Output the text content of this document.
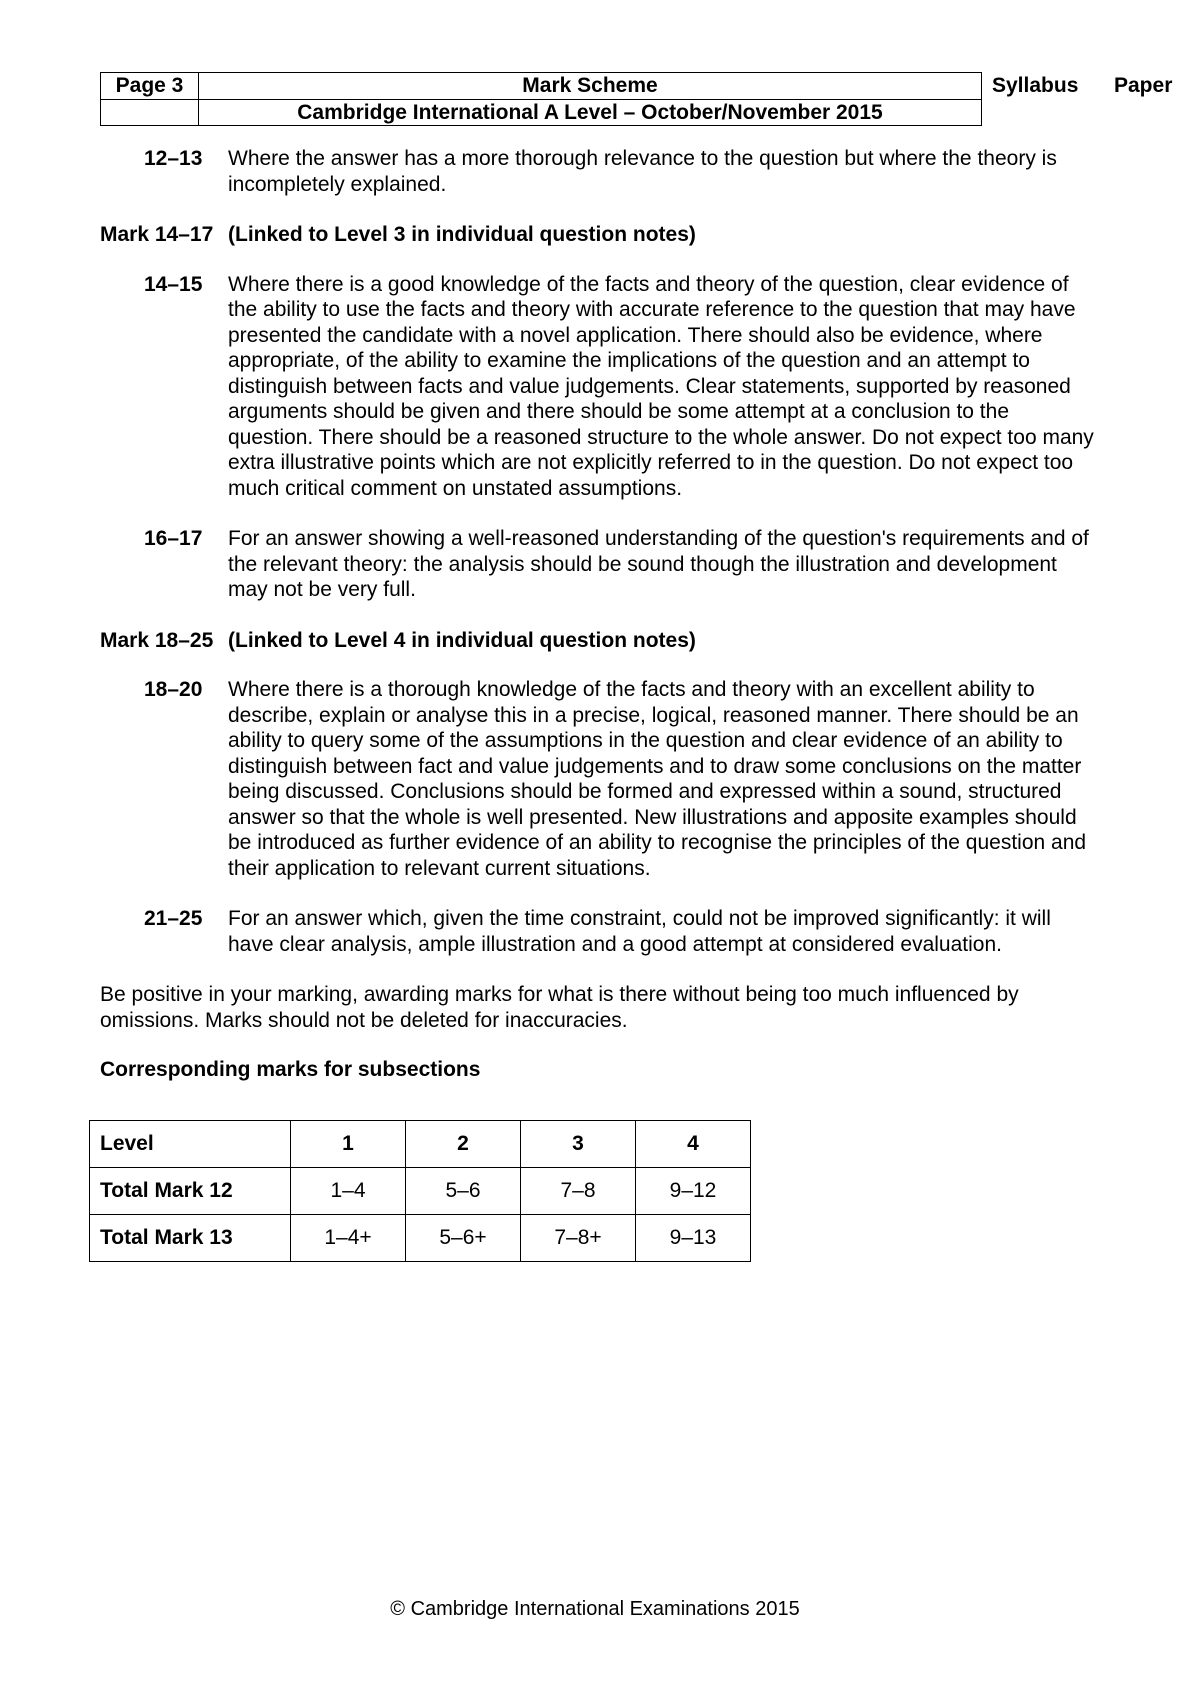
Page 3	Mark Scheme
Cambridge International A Level – October/November 2015
Syllabus Paper
12–13	Where the answer has a more thorough relevance to the question but where the theory is incompletely explained.
Mark 14–17 (Linked to Level 3 in individual question notes)
14–15	Where there is a good knowledge of the facts and theory of the question, clear evidence of the ability to use the facts and theory with accurate reference to the question that may have presented the candidate with a novel application. There should also be evidence, where appropriate, of the ability to examine the implications of the question and an attempt to distinguish between facts and value judgements. Clear statements, supported by reasoned arguments should be given and there should be some attempt at a conclusion to the question. There should be a reasoned structure to the whole answer. Do not expect too many extra illustrative points which are not explicitly referred to in the question. Do not expect too much critical comment on unstated assumptions.
16–17	For an answer showing a well-reasoned understanding of the question's requirements and of the relevant theory: the analysis should be sound though the illustration and development may not be very full.
Mark 18–25 (Linked to Level 4 in individual question notes)
18–20	Where there is a thorough knowledge of the facts and theory with an excellent ability to describe, explain or analyse this in a precise, logical, reasoned manner. There should be an ability to query some of the assumptions in the question and clear evidence of an ability to distinguish between fact and value judgements and to draw some conclusions on the matter being discussed. Conclusions should be formed and expressed within a sound, structured answer so that the whole is well presented. New illustrations and apposite examples should be introduced as further evidence of an ability to recognise the principles of the question and their application to relevant current situations.
21–25	For an answer which, given the time constraint, could not be improved significantly: it will have clear analysis, ample illustration and a good attempt at considered evaluation.
Be positive in your marking, awarding marks for what is there without being too much influenced by omissions. Marks should not be deleted for inaccuracies.
Corresponding marks for subsections
Level	1	2	3	4
Total Mark 12	1–4	5–6	7–8	9–12
Total Mark 13	1–4+	5–6+	7–8+	9–13
© Cambridge International Examinations 2015
